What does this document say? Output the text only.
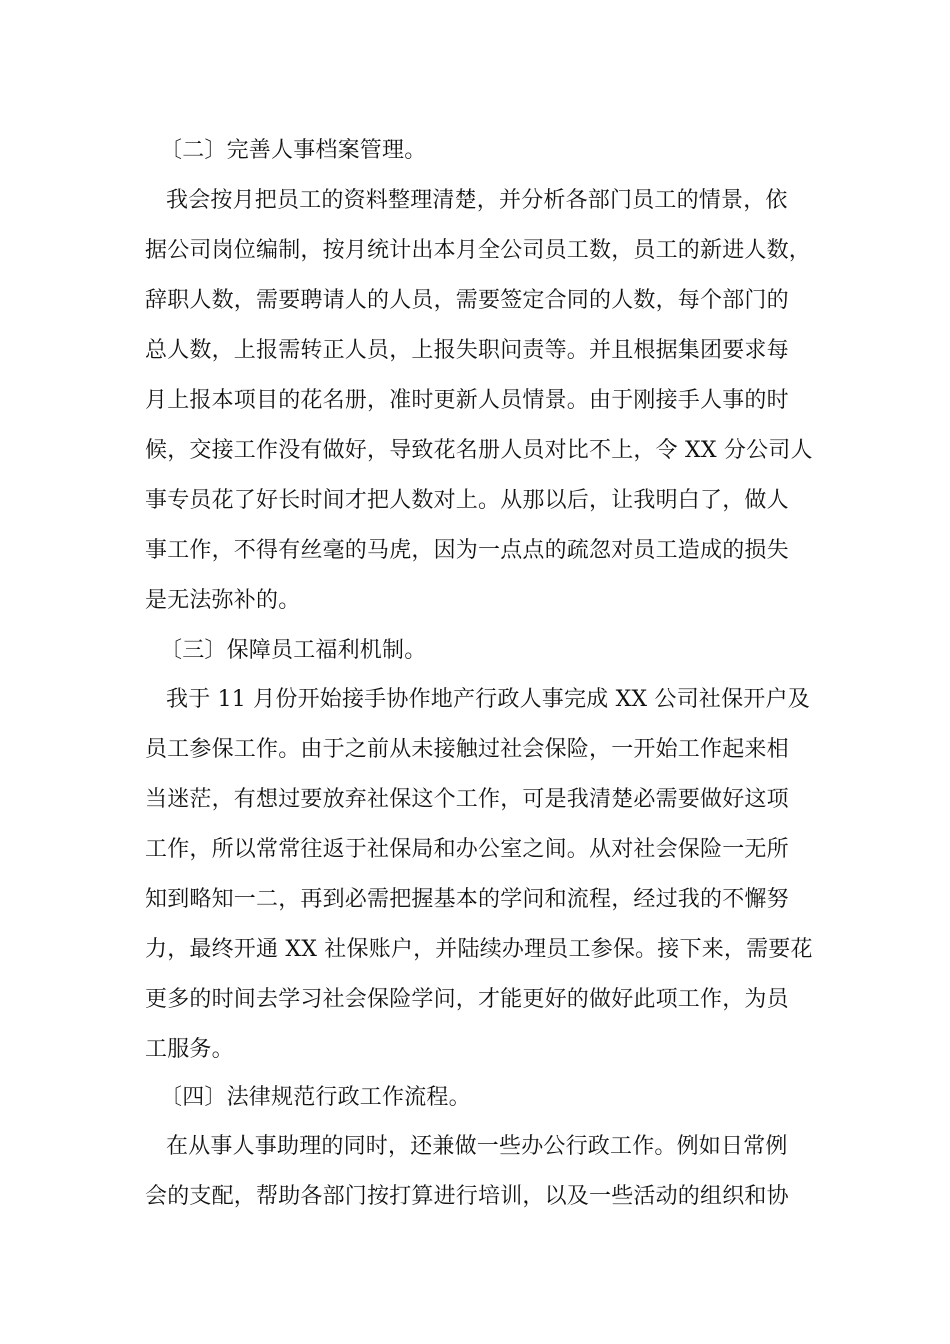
〔二〕完善人事档案管理。
我会按月把员工的资料整理清楚，并分析各部门员工的情景，依
据公司岗位编制，按月统计出本月全公司员工数，员工的新进人数，
辞职人数，需要聘请人的人员，需要签定合同的人数，每个部门的
总人数，上报需转正人员，上报失职问责等。并且根据集团要求每
月上报本项目的花名册，准时更新人员情景。由于刚接手人事的时
候，交接工作没有做好，导致花名册人员对比不上，令 XX 分公司人
事专员花了好长时间才把人数对上。从那以后，让我明白了，做人
事工作，不得有丝毫的马虎，因为一点点的疏忽对员工造成的损失
是无法弥补的。
〔三〕保障员工福利机制。
我于 11 月份开始接手协作地产行政人事完成 XX 公司社保开户及
员工参保工作。由于之前从未接触过社会保险，一开始工作起来相
当迷茫，有想过要放弃社保这个工作，可是我清楚必需要做好这项
工作，所以常常往返于社保局和办公室之间。从对社会保险一无所
知到略知一二，再到必需把握基本的学问和流程，经过我的不懈努
力，最终开通 XX 社保账户，并陆续办理员工参保。接下来，需要花
更多的时间去学习社会保险学问，才能更好的做好此项工作，为员
工服务。
〔四〕法律规范行政工作流程。
在从事人事助理的同时，还兼做一些办公行政工作。例如日常例
会的支配，帮助各部门按打算进行培训，以及一些活动的组织和协
